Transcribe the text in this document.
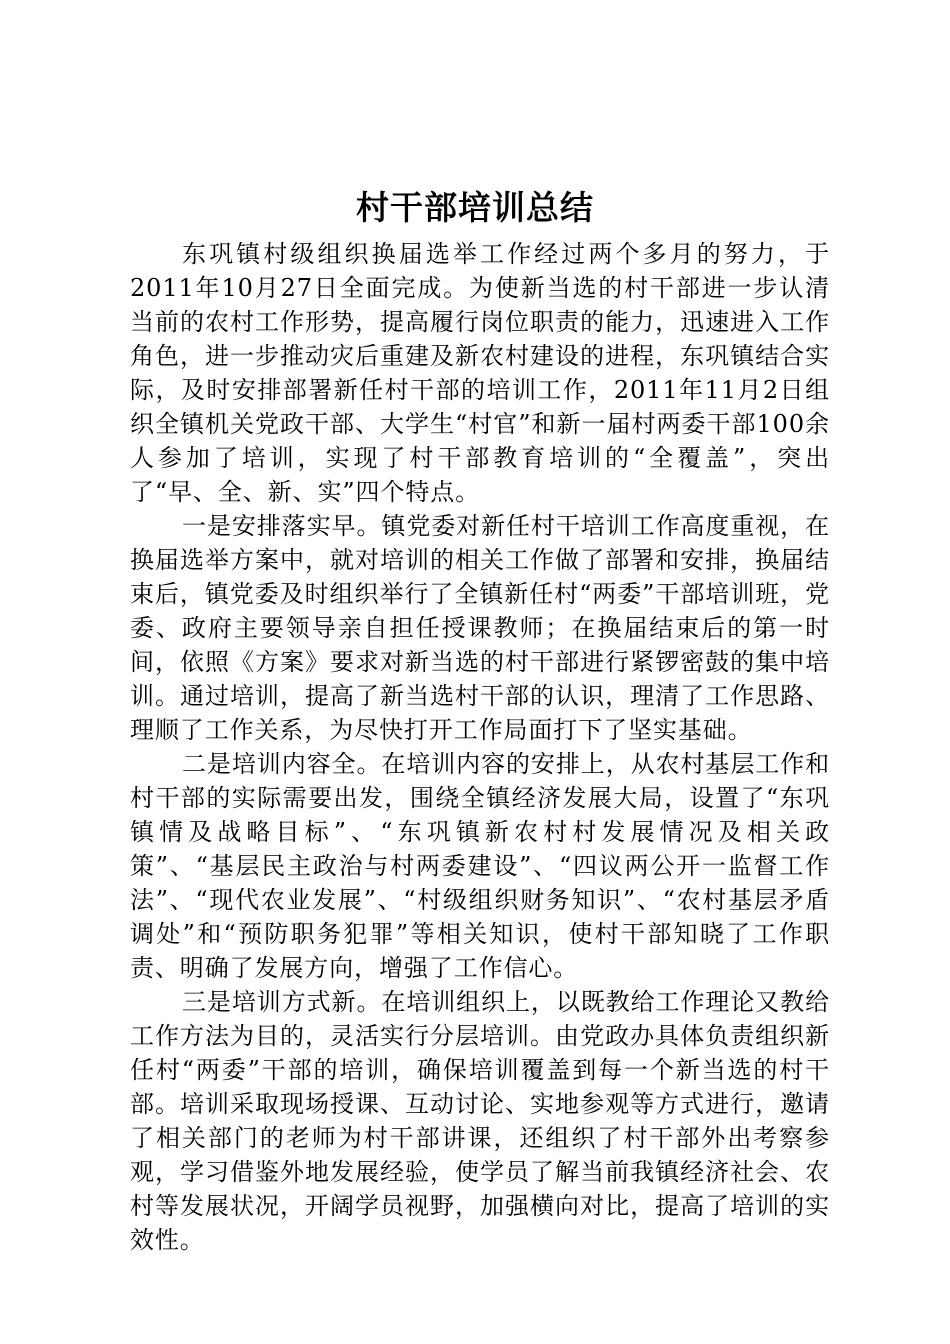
村干部培训总结

东巩镇村级组织换届选举工作经过两个多月的努力，于2011年10月27日全面完成。为使新当选的村干部进一步认清当前的农村工作形势，提高履行岗位职责的能力，迅速进入工作角色，进一步推动灾后重建及新农村建设的进程，东巩镇结合实际，及时安排部署新任村干部的培训工作，2011年11月2日组织全镇机关党政干部、大学生“村官”和新一届村两委干部100余人参加了培训，实现了村干部教育培训的“全覆盖”，突出了“早、全、新、实”四个特点。

一是安排落实早。镇党委对新任村干培训工作高度重视，在换届选举方案中，就对培训的相关工作做了部署和安排，换届结束后，镇党委及时组织举行了全镇新任村“两委”干部培训班，党委、政府主要领导亲自担任授课教师；在换届结束后的第一时间，依照《方案》要求对新当选的村干部进行紧锣密鼓的集中培训。通过培训，提高了新当选村干部的认识，理清了工作思路、理顺了工作关系，为尽快打开工作局面打下了坚实基础。

二是培训内容全。在培训内容的安排上，从农村基层工作和村干部的实际需要出发，围绕全镇经济发展大局，设置了“东巩镇情及战略目标”、“东巩镇新农村村发展情况及相关政策”、“基层民主政治与村两委建设”、“四议两公开一监督工作法”、“现代农业发展”、“村级组织财务知识”、“农村基层矛盾调处”和“预防职务犯罪”等相关知识，使村干部知晓了工作职责、明确了发展方向，增强了工作信心。

三是培训方式新。在培训组织上，以既教给工作理论又教给工作方法为目的，灵活实行分层培训。由党政办具体负责组织新任村“两委”干部的培训，确保培训覆盖到每一个新当选的村干部。培训采取现场授课、互动讨论、实地参观等方式进行，邀请了相关部门的老师为村干部讲课，还组织了村干部外出考察参观，学习借鉴外地发展经验，使学员了解当前我镇经济社会、农村等发展状况，开阔学员视野，加强横向对比，提高了培训的实效性。
